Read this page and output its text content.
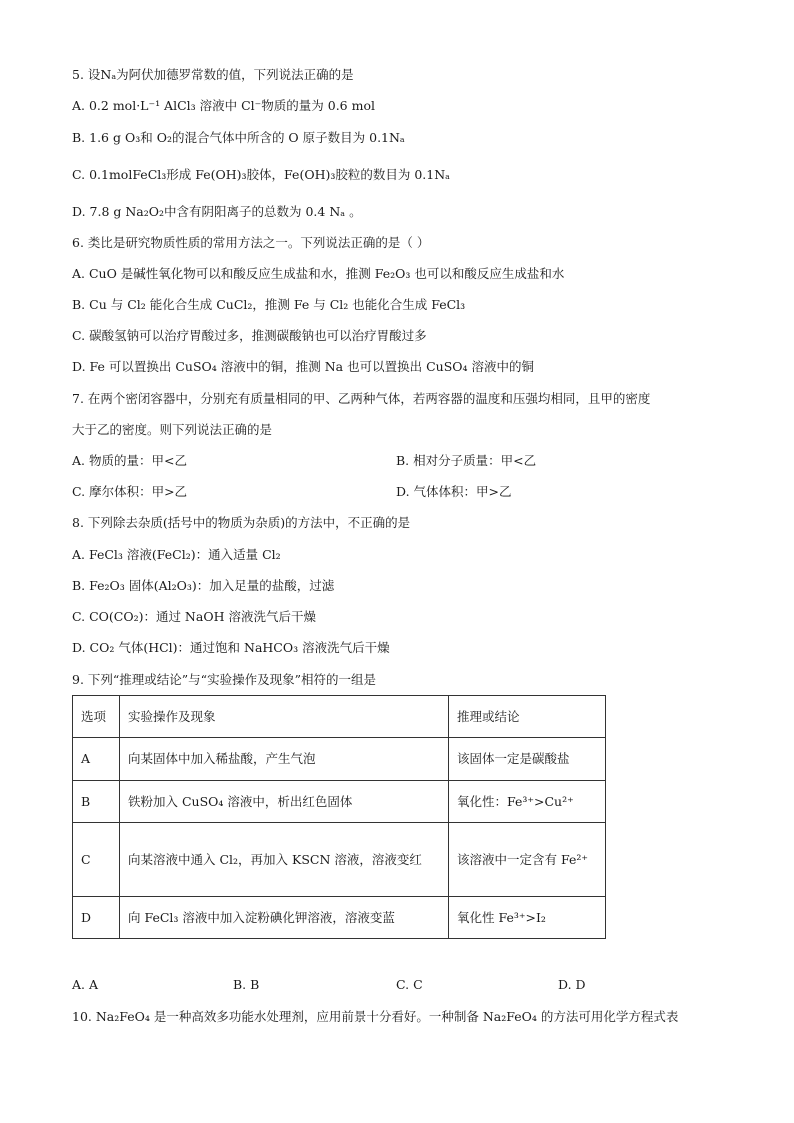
5. 设Nₐ为阿伏加德罗常数的值，下列说法正确的是
A. 0.2 mol·L⁻¹ AlCl₃ 溶液中 Cl⁻物质的量为 0.6 mol
B. 1.6 g O₃和 O₂的混合气体中所含的 O 原子数目为 0.1Nₐ
C. 0.1molFeCl₃形成 Fe(OH)₃胶体，Fe(OH)₃胶粒的数目为 0.1Nₐ
D. 7.8 g Na₂O₂中含有阴阳离子的总数为 0.4 Nₐ 。
6. 类比是研究物质性质的常用方法之一。下列说法正确的是（ ）
A. CuO 是碱性氧化物可以和酸反应生成盐和水，推测 Fe₂O₃ 也可以和酸反应生成盐和水
B. Cu 与 Cl₂ 能化合生成 CuCl₂，推测 Fe 与 Cl₂ 也能化合生成 FeCl₃
C. 碳酸氢钠可以治疗胃酸过多，推测碳酸钠也可以治疗胃酸过多
D. Fe 可以置换出 CuSO₄ 溶液中的铜，推测 Na 也可以置换出 CuSO₄ 溶液中的铜
7. 在两个密闭容器中，分别充有质量相同的甲、乙两种气体，若两容器的温度和压强均相同，且甲的密度
大于乙的密度。则下列说法正确的是
A. 物质的量：甲<乙	B. 相对分子质量：甲<乙
C. 摩尔体积：甲>乙	D. 气体体积：甲>乙
8. 下列除去杂质(括号中的物质为杂质)的方法中，不正确的是
A. FeCl₃ 溶液(FeCl₂)：通入适量 Cl₂
B. Fe₂O₃ 固体(Al₂O₃)：加入足量的盐酸，过滤
C. CO(CO₂)：通过 NaOH 溶液洗气后干燥
D. CO₂ 气体(HCl)：通过饱和 NaHCO₃ 溶液洗气后干燥
9. 下列“推理或结论”与“实验操作及现象”相符的一组是
选项	实验操作及现象	推理或结论
A	向某固体中加入稀盐酸，产生气泡	该固体一定是碳酸盐
B	铁粉加入 CuSO₄ 溶液中，析出红色固体	氧化性：Fe³⁺>Cu²⁺
C	向某溶液中通入 Cl₂，再加入 KSCN 溶液，溶液变红	该溶液中一定含有 Fe²⁺
D	向 FeCl₃ 溶液中加入淀粉碘化钾溶液，溶液变蓝	氧化性 Fe³⁺>I₂
A. A	B. B	C. C	D. D
10. Na₂FeO₄ 是一种高效多功能水处理剂，应用前景十分看好。一种制备 Na₂FeO₄ 的方法可用化学方程式表
